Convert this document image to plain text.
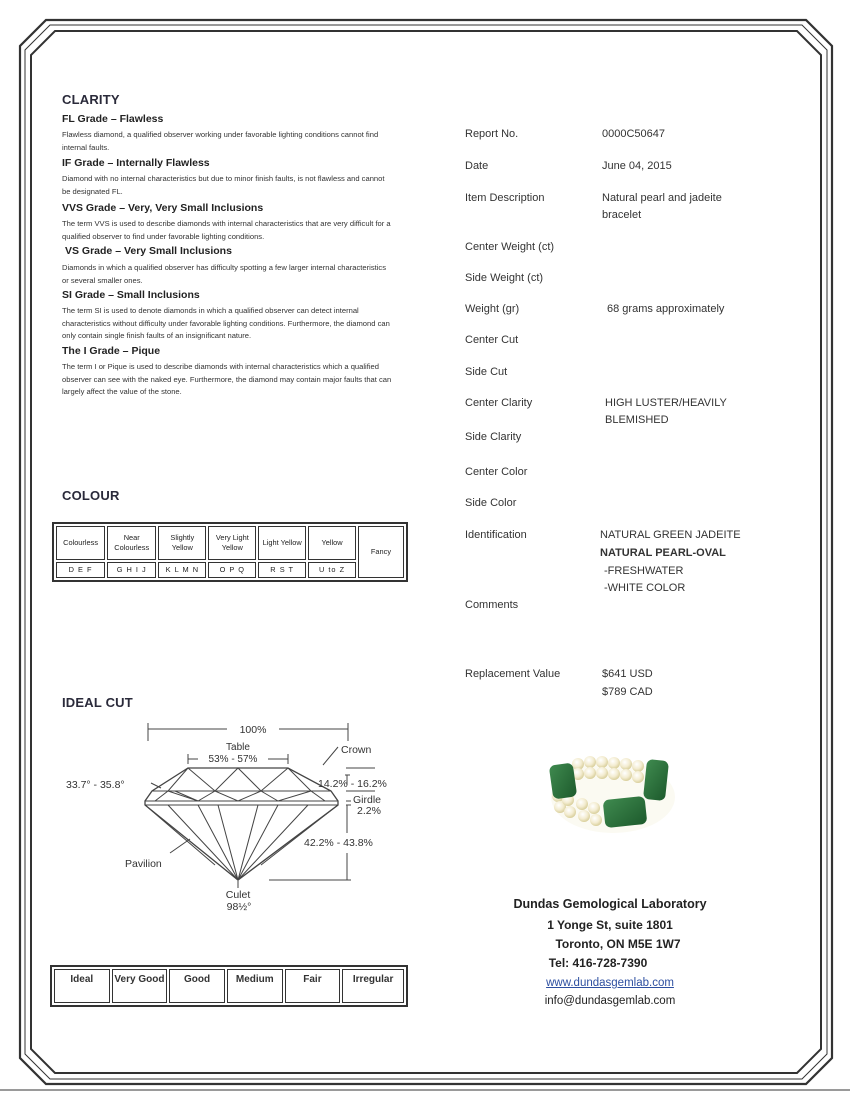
CLARITY
FL Grade – Flawless
Flawless diamond, a qualified observer working under favorable lighting conditions cannot find internal faults.
IF Grade – Internally Flawless
Diamond with no internal characteristics but due to minor finish faults, is not flawless and cannot be designated FL.
VVS Grade – Very, Very Small Inclusions
The term VVS is used to describe diamonds with internal characteristics that are very difficult for a qualified observer to find under favorable lighting conditions.
VS Grade – Very Small Inclusions
Diamonds in which a qualified observer has difficulty spotting a few larger internal characteristics or several smaller ones.
SI Grade – Small Inclusions
The term SI is used to denote diamonds in which a qualified observer can detect internal characteristics without difficulty under favorable lighting conditions. Furthermore, the diamond can only contain single finish faults of an insignificant nature.
The I Grade – Pique
The term I or Pique is used to describe diamonds with internal characteristics which a qualified observer can see with the naked eye. Furthermore, the diamond may contain major faults that can largely affect the value of the stone.
COLOUR
Colourless	Near Colourless	Slightly Yellow	Very Light Yellow	Light Yellow	Yellow	Fancy
D E F	G H I J	K L M N	O P Q	R S T	U to Z	
IDEAL CUT
100%
Table
53% - 57%
Crown
33.7° - 35.8°	14.2% - 16.2%
Girdle
2.2%
42.2% - 43.8%
Pavilion
Culet
98½°
Ideal	Very Good	Good	Medium	Fair	Irregular
Report No.	0000C50647
Date	June 04, 2015
Item Description	Natural pearl and jadeite bracelet
Center Weight (ct)
Side Weight (ct)
Weight (gr)	68 grams approximately
Center Cut
Side Cut
Center Clarity	HIGH LUSTER/HEAVILY BLEMISHED
Side Clarity
Center Color
Side Color
Identification	NATURAL GREEN JADEITE
NATURAL PEARL-OVAL
-FRESHWATER
-WHITE COLOR
Comments
Replacement Value	$641 USD
$789 CAD
Dundas Gemological Laboratory
1 Yonge St, suite 1801
Toronto, ON M5E 1W7
Tel: 416-728-7390
www.dundasgemlab.com
info@dundasgemlab.com
